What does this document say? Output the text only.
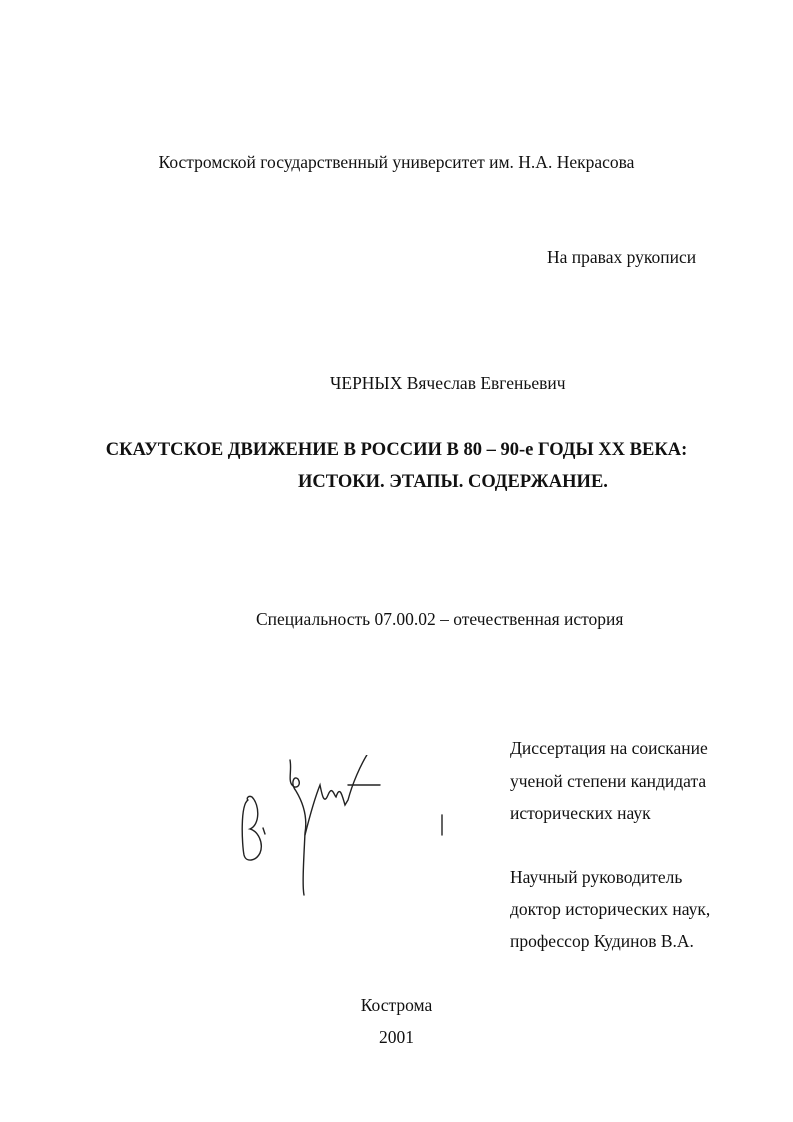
Костромской государственный университет им. Н.А. Некрасова
На правах рукописи
ЧЕРНЫХ Вячеслав Евгеньевич
СКАУТСКОЕ ДВИЖЕНИЕ В РОССИИ В 80 – 90-е ГОДЫ XX ВЕКА:
ИСТОКИ. ЭТАПЫ. СОДЕРЖАНИЕ.
Специальность 07.00.02 – отечественная история
Диссертация на соискание
ученой степени кандидата
исторических наук
Научный руководитель
доктор исторических наук,
профессор Кудинов В.А.
Кострома
2001
